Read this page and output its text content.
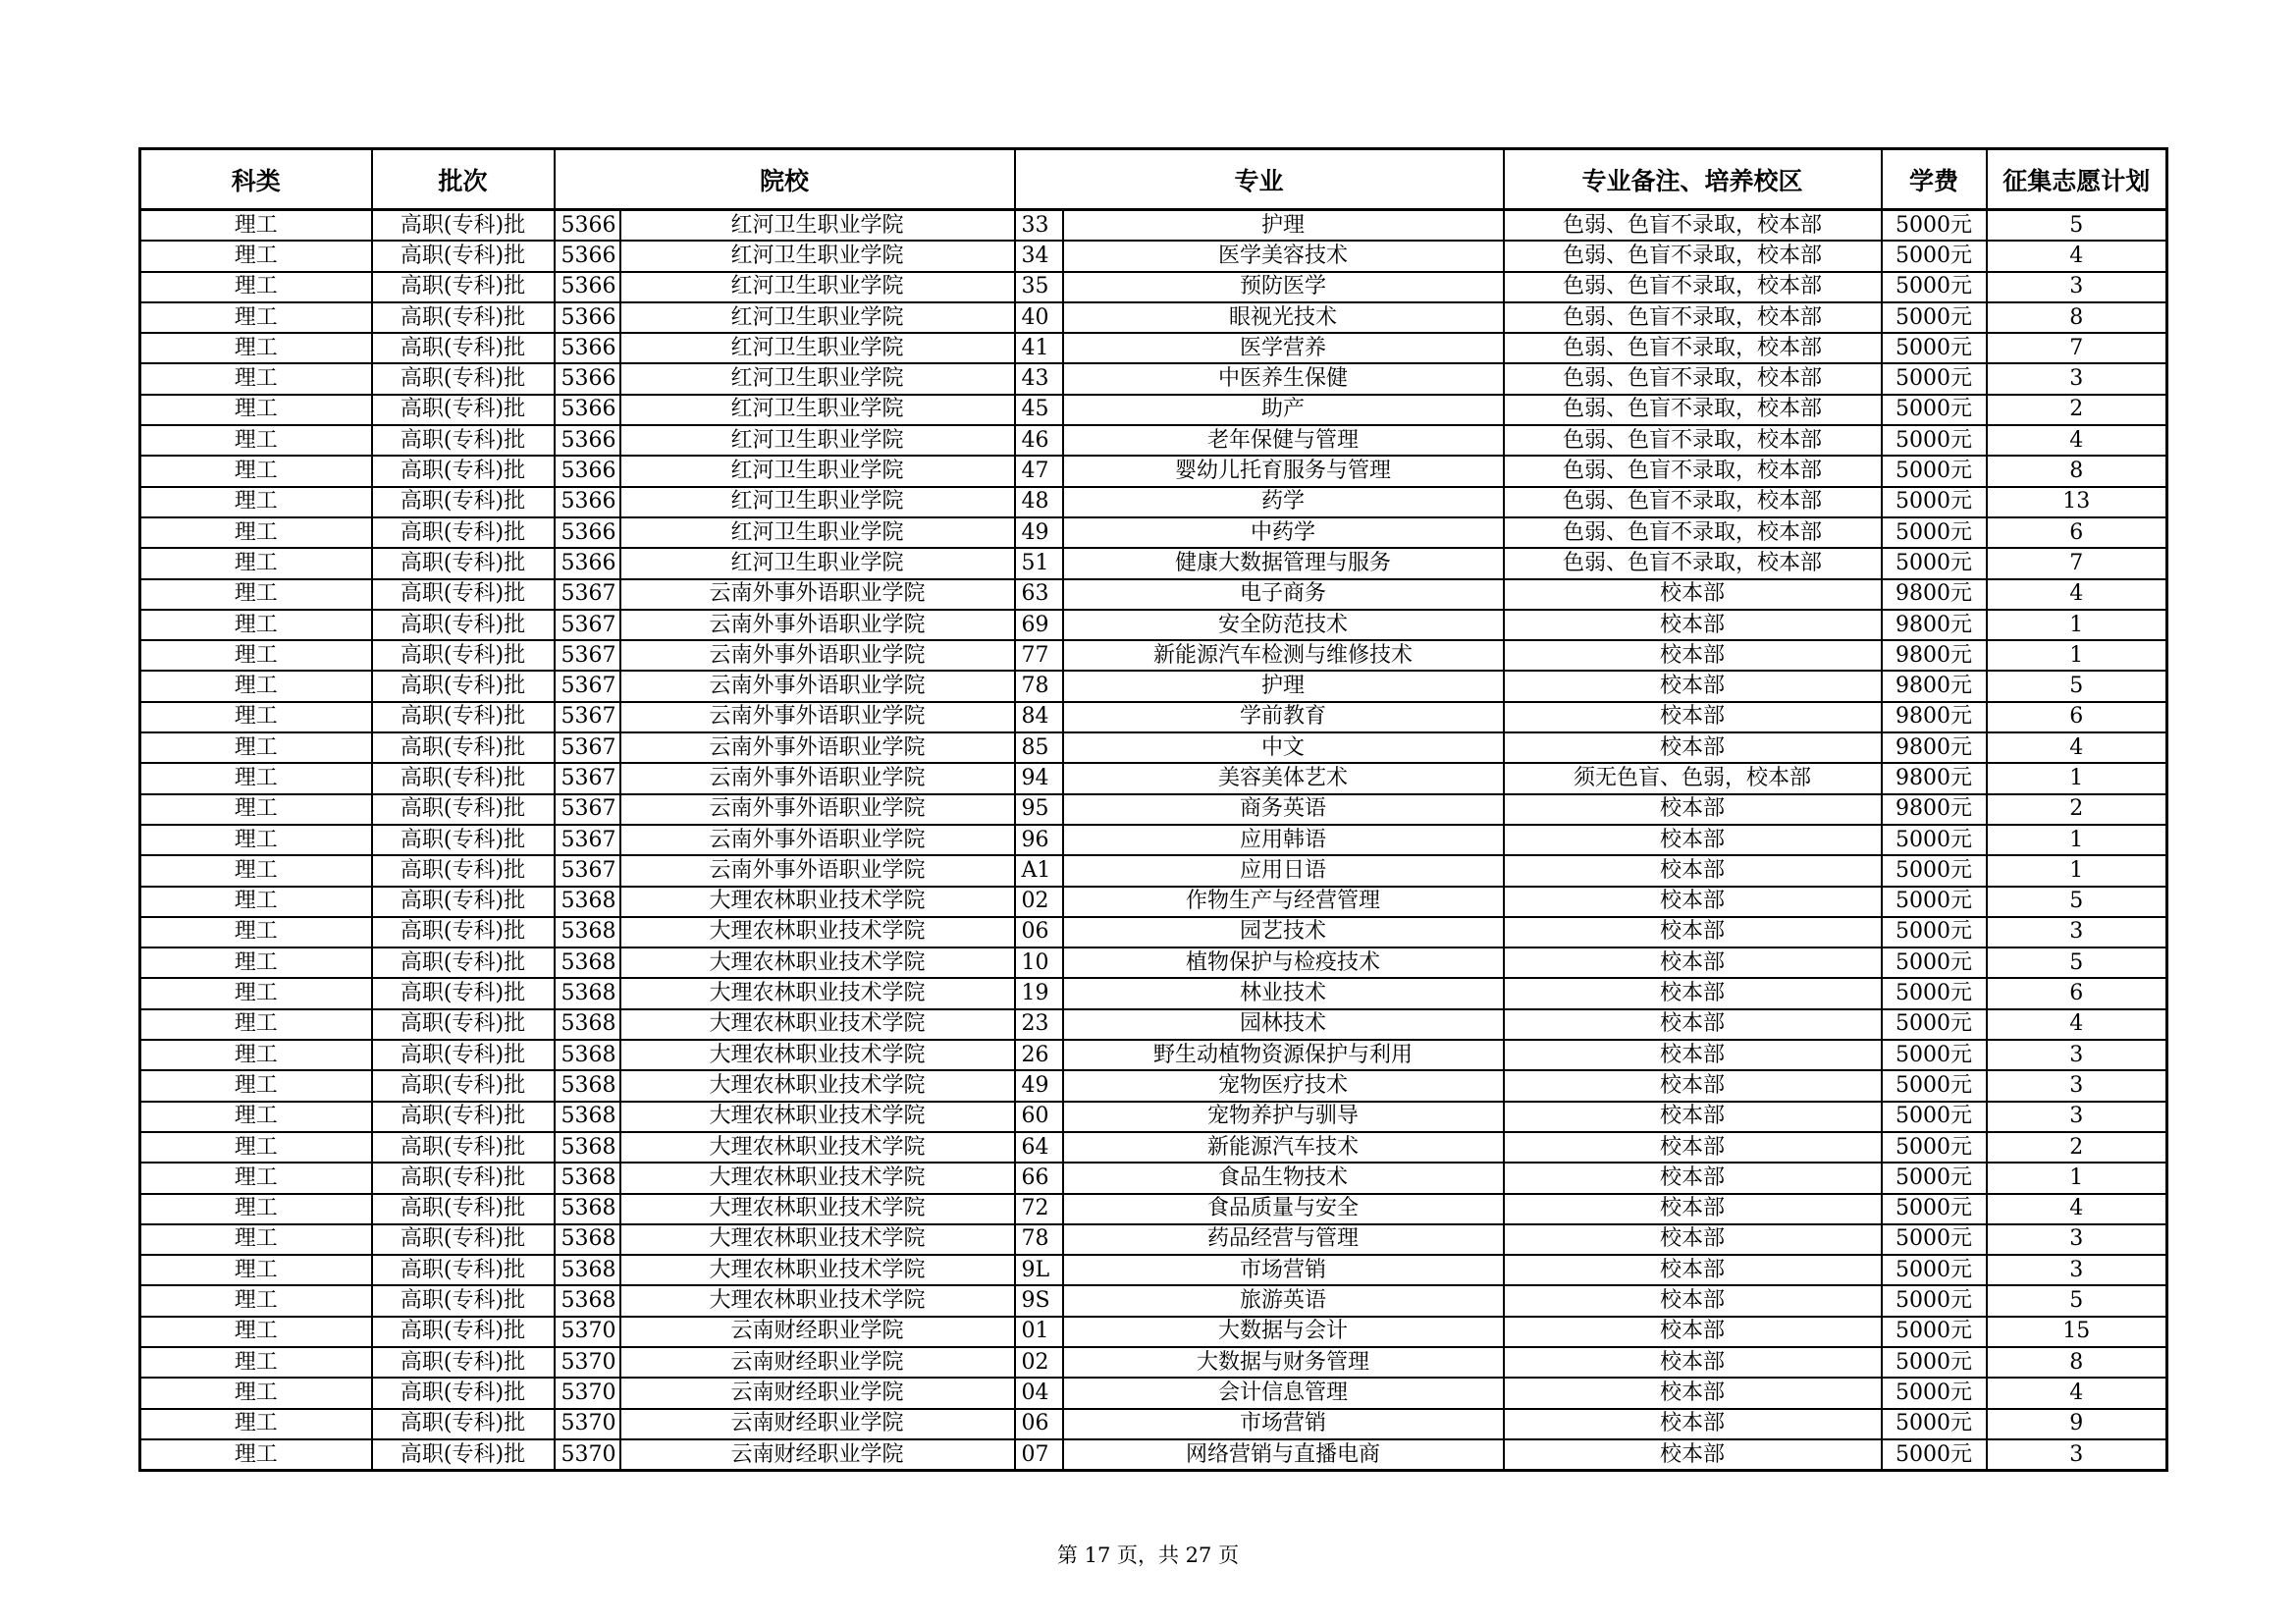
科类	批次	院校		专业		专业备注、培养校区	学费	征集志愿计划
理工	高职(专科)批	5366	红河卫生职业学院	33	护理	色弱、色盲不录取，校本部	5000元	5
理工	高职(专科)批	5366	红河卫生职业学院	34	医学美容技术	色弱、色盲不录取，校本部	5000元	4
理工	高职(专科)批	5366	红河卫生职业学院	35	预防医学	色弱、色盲不录取，校本部	5000元	3
理工	高职(专科)批	5366	红河卫生职业学院	40	眼视光技术	色弱、色盲不录取，校本部	5000元	8
理工	高职(专科)批	5366	红河卫生职业学院	41	医学营养	色弱、色盲不录取，校本部	5000元	7
理工	高职(专科)批	5366	红河卫生职业学院	43	中医养生保健	色弱、色盲不录取，校本部	5000元	3
理工	高职(专科)批	5366	红河卫生职业学院	45	助产	色弱、色盲不录取，校本部	5000元	2
理工	高职(专科)批	5366	红河卫生职业学院	46	老年保健与管理	色弱、色盲不录取，校本部	5000元	4
理工	高职(专科)批	5366	红河卫生职业学院	47	婴幼儿托育服务与管理	色弱、色盲不录取，校本部	5000元	8
理工	高职(专科)批	5366	红河卫生职业学院	48	药学	色弱、色盲不录取，校本部	5000元	13
理工	高职(专科)批	5366	红河卫生职业学院	49	中药学	色弱、色盲不录取，校本部	5000元	6
理工	高职(专科)批	5366	红河卫生职业学院	51	健康大数据管理与服务	色弱、色盲不录取，校本部	5000元	7
理工	高职(专科)批	5367	云南外事外语职业学院	63	电子商务	校本部	9800元	4
理工	高职(专科)批	5367	云南外事外语职业学院	69	安全防范技术	校本部	9800元	1
理工	高职(专科)批	5367	云南外事外语职业学院	77	新能源汽车检测与维修技术	校本部	9800元	1
理工	高职(专科)批	5367	云南外事外语职业学院	78	护理	校本部	9800元	5
理工	高职(专科)批	5367	云南外事外语职业学院	84	学前教育	校本部	9800元	6
理工	高职(专科)批	5367	云南外事外语职业学院	85	中文	校本部	9800元	4
理工	高职(专科)批	5367	云南外事外语职业学院	94	美容美体艺术	须无色盲、色弱，校本部	9800元	1
理工	高职(专科)批	5367	云南外事外语职业学院	95	商务英语	校本部	9800元	2
理工	高职(专科)批	5367	云南外事外语职业学院	96	应用韩语	校本部	5000元	1
理工	高职(专科)批	5367	云南外事外语职业学院	A1	应用日语	校本部	5000元	1
理工	高职(专科)批	5368	大理农林职业技术学院	02	作物生产与经营管理	校本部	5000元	5
理工	高职(专科)批	5368	大理农林职业技术学院	06	园艺技术	校本部	5000元	3
理工	高职(专科)批	5368	大理农林职业技术学院	10	植物保护与检疫技术	校本部	5000元	5
理工	高职(专科)批	5368	大理农林职业技术学院	19	林业技术	校本部	5000元	6
理工	高职(专科)批	5368	大理农林职业技术学院	23	园林技术	校本部	5000元	4
理工	高职(专科)批	5368	大理农林职业技术学院	26	野生动植物资源保护与利用	校本部	5000元	3
理工	高职(专科)批	5368	大理农林职业技术学院	49	宠物医疗技术	校本部	5000元	3
理工	高职(专科)批	5368	大理农林职业技术学院	60	宠物养护与驯导	校本部	5000元	3
理工	高职(专科)批	5368	大理农林职业技术学院	64	新能源汽车技术	校本部	5000元	2
理工	高职(专科)批	5368	大理农林职业技术学院	66	食品生物技术	校本部	5000元	1
理工	高职(专科)批	5368	大理农林职业技术学院	72	食品质量与安全	校本部	5000元	4
理工	高职(专科)批	5368	大理农林职业技术学院	78	药品经营与管理	校本部	5000元	3
理工	高职(专科)批	5368	大理农林职业技术学院	9L	市场营销	校本部	5000元	3
理工	高职(专科)批	5368	大理农林职业技术学院	9S	旅游英语	校本部	5000元	5
理工	高职(专科)批	5370	云南财经职业学院	01	大数据与会计	校本部	5000元	15
理工	高职(专科)批	5370	云南财经职业学院	02	大数据与财务管理	校本部	5000元	8
理工	高职(专科)批	5370	云南财经职业学院	04	会计信息管理	校本部	5000元	4
理工	高职(专科)批	5370	云南财经职业学院	06	市场营销	校本部	5000元	9
理工	高职(专科)批	5370	云南财经职业学院	07	网络营销与直播电商	校本部	5000元	3
第 17 页，共 27 页
